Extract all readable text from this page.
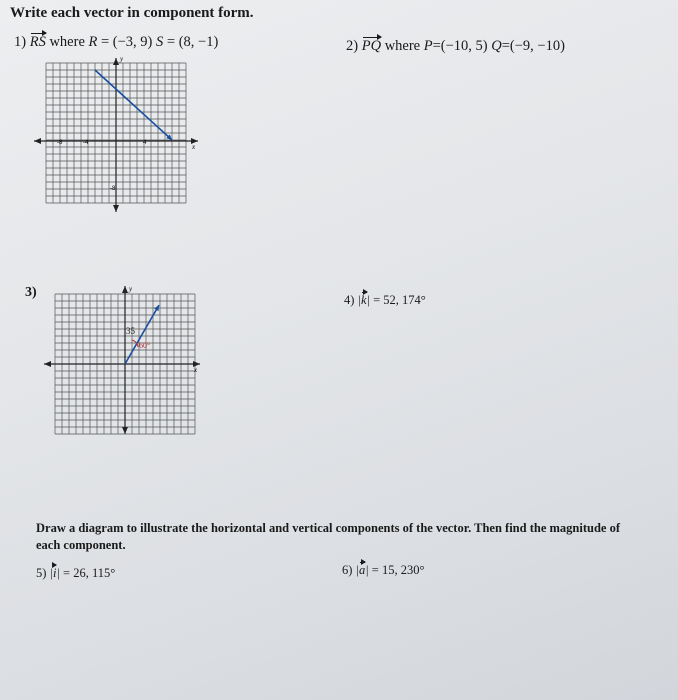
Write each vector in component form.

1) RS where R = (−3, 9) S = (8, −1)	2) PQ where P=(−10, 5) Q=(−9, −10)

y
x
-8	-4	4
-8

3)	y
x
35
60°

4) |k| = 52, 174°

Draw a diagram to illustrate the horizontal and vertical components of the vector. Then find the magnitude of each component.

5) |i| = 26, 115°	6) |a| = 15, 230°
